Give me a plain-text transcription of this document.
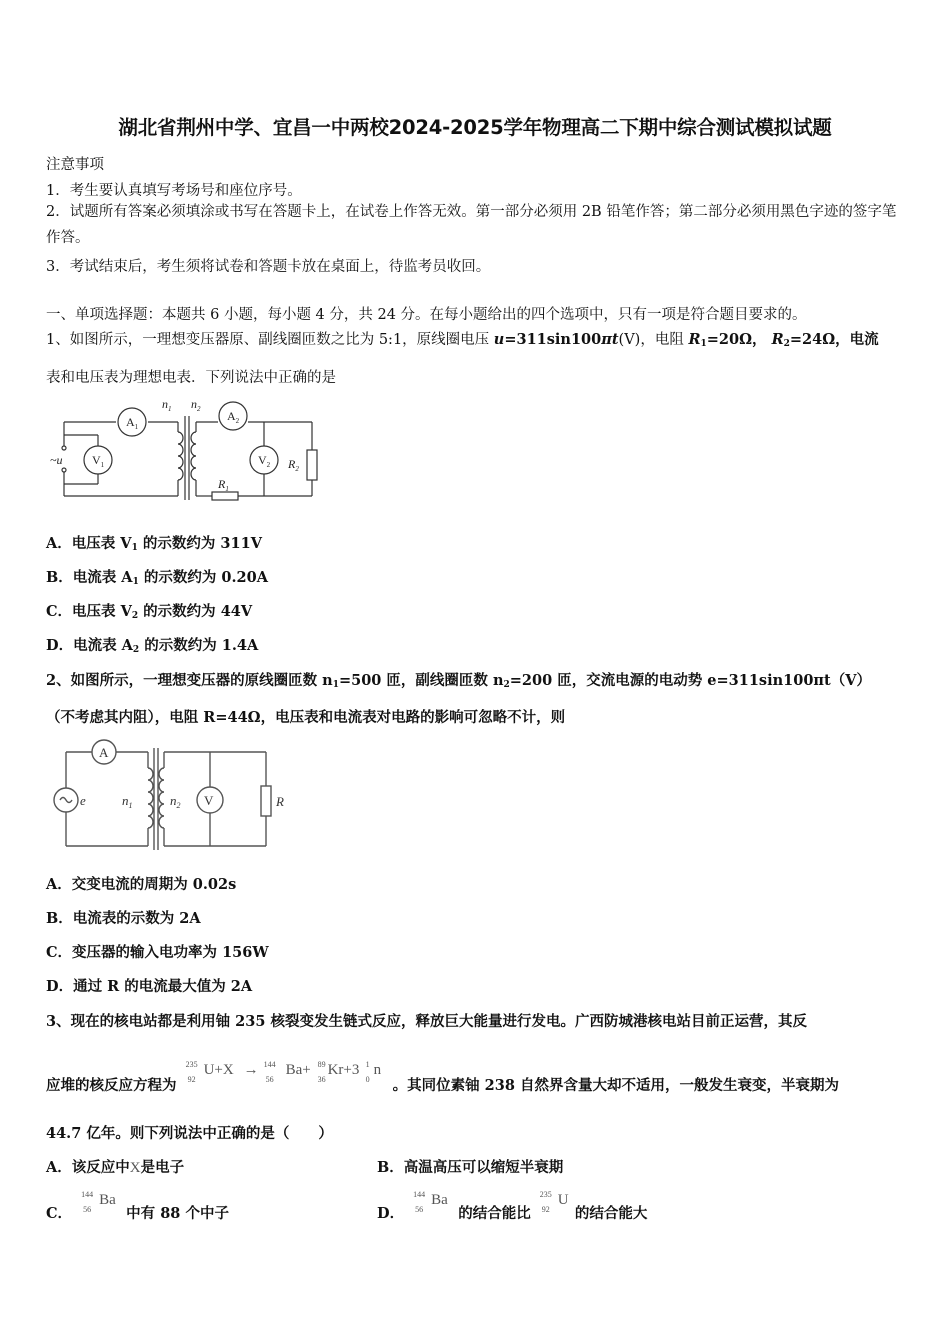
湖北省荆州中学、宜昌一中两校2024-2025学年物理高二下期中综合测试模拟试题
注意事项
1．考生要认真填写考场号和座位序号。
2．试题所有答案必须填涂或书写在答题卡上，在试卷上作答无效。第一部分必须用 2B 铅笔作答；第二部分必须用黑色字迹的签字笔作答。
3．考试结束后，考生须将试卷和答题卡放在桌面上，待监考员收回。
一、单项选择题：本题共 6 小题，每小题 4 分，共 24 分。在每小题给出的四个选项中，只有一项是符合题目要求的。
1、如图所示，一理想变压器原、副线圈匝数之比为 5:1，原线圈电压 u=311sin100πt(V)，电阻 $R_1=20\Omega$， $R_2=24\Omega$，电流
表和电压表为理想电表．下列说法中正确的是
$A_1$
$V_1$
$A_2$
$V_2$
$n_1$ $n_2$
$R_1$
$R_2$
~u
A．电压表 $V_1$ 的示数约为 311V
B．电流表 $A_1$ 的示数约为 0.20A
C．电压表 $V_2$ 的示数约为 44V
D．电流表 $A_2$ 的示数约为 1.4A
2、如图所示，一理想变压器的原线圈匝数 $n_1=500$ 匝，副线圈匝数 $n_2=200$ 匝，交流电源的电动势 e=311sin100πt（V）
（不考虑其内阻），电阻 R=44Ω，电压表和电流表对电路的影响可忽略不计，则
A
V
e	$n_1$	$n_2$	R
A．交变电流的周期为 0.02s
B．电流表的示数为 2A
C．变压器的输入电功率为 156W
D．通过 R 的电流最大值为 2A
3、现在的核电站都是利用铀 235 核裂变发生链式反应，释放巨大能量进行发电。广西防城港核电站目前正运营，其反
应堆的核反应方程为
235
92
U+X → 144
56
Ba+ 89
36
Kr+3 1
0
n
。其同位素铀 238 自然界含量大却不适用，一般发生衰变，半衰期为
44.7 亿年。则下列说法中正确的是（　　）
A．该反应中X是电子	B．高温高压可以缩短半衰期
C．
144
56
Ba
中有 88 个中子	D．
144
56
Ba
的结合能比
235
92
U
的结合能大
